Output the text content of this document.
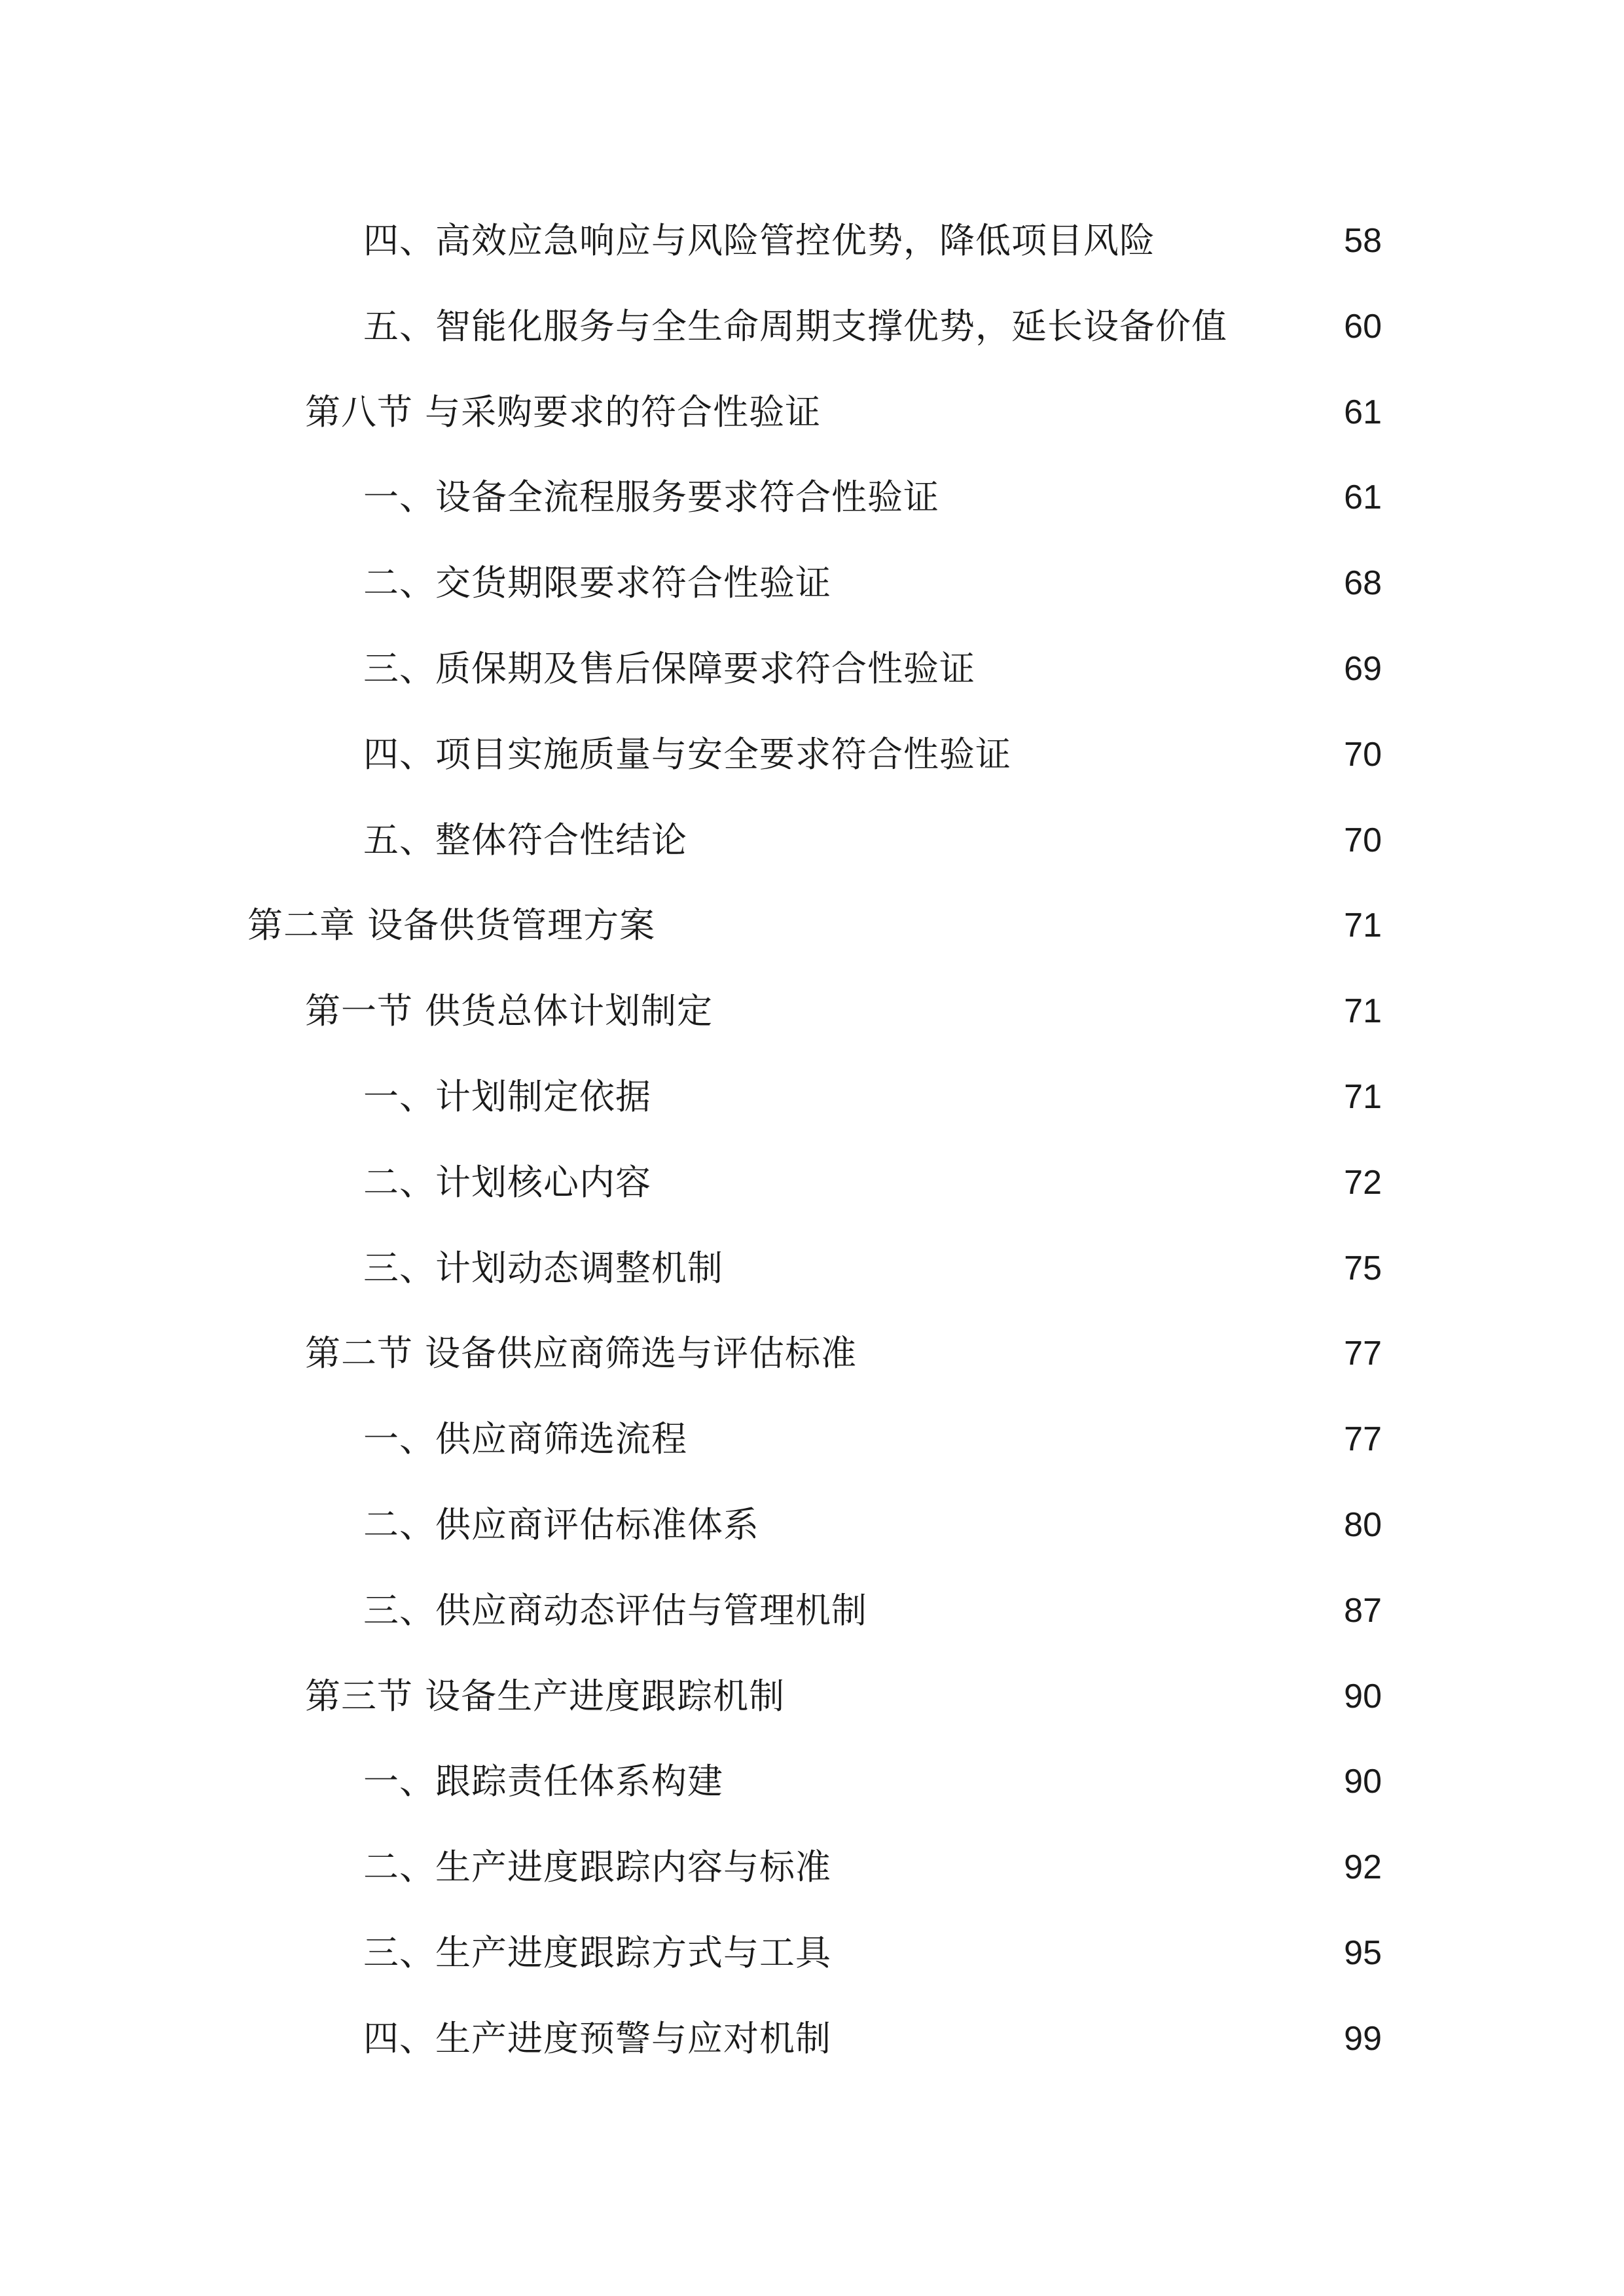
四、高效应急响应与风险管控优势，降低项目风险	58
五、智能化服务与全生命周期支撑优势，延长设备价值	60
第八节 与采购要求的符合性验证	61
一、设备全流程服务要求符合性验证	61
二、交货期限要求符合性验证	68
三、质保期及售后保障要求符合性验证	69
四、项目实施质量与安全要求符合性验证	70
五、整体符合性结论	70
第二章 设备供货管理方案	71
第一节 供货总体计划制定	71
一、计划制定依据	71
二、计划核心内容	72
三、计划动态调整机制	75
第二节 设备供应商筛选与评估标准	77
一、供应商筛选流程	77
二、供应商评估标准体系	80
三、供应商动态评估与管理机制	87
第三节 设备生产进度跟踪机制	90
一、跟踪责任体系构建	90
二、生产进度跟踪内容与标准	92
三、生产进度跟踪方式与工具	95
四、生产进度预警与应对机制	99
